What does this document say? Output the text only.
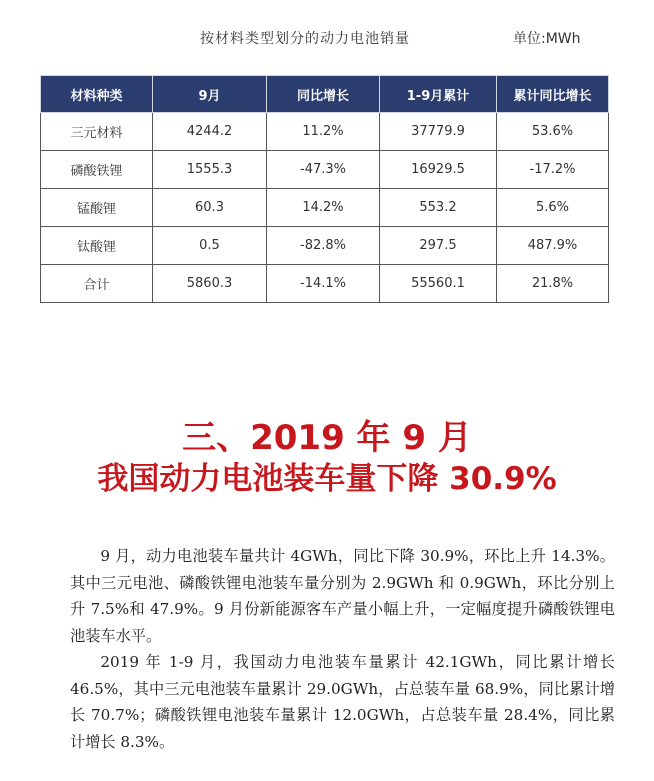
按材料类型划分的动力电池销量	单位:MWh
材料种类	9月	同比增长	1-9月累计	累计同比增长
三元材料	4244.2	11.2%	37779.9	53.6%
磷酸铁锂	1555.3	-47.3%	16929.5	-17.2%
锰酸锂	60.3	14.2%	553.2	5.6%
钛酸锂	0.5	-82.8%	297.5	487.9%
合计	5860.3	-14.1%	55560.1	21.8%
三、2019 年 9 月
我国动力电池装车量下降 30.9%

9 月，动力电池装车量共计 4GWh，同比下降 30.9%，环比上升 14.3%。其中三元电池、磷酸铁锂电池装车量分别为 2.9GWh 和 0.9GWh，环比分别上升 7.5%和 47.9%。9 月份新能源客车产量小幅上升，一定幅度提升磷酸铁锂电池装车水平。

2019 年 1-9 月，我国动力电池装车量累计 42.1GWh，同比累计增长 46.5%，其中三元电池装车量累计 29.0GWh，占总装车量 68.9%，同比累计增长 70.7%；磷酸铁锂电池装车量累计 12.0GWh，占总装车量 28.4%，同比累计增长 8.3%。
